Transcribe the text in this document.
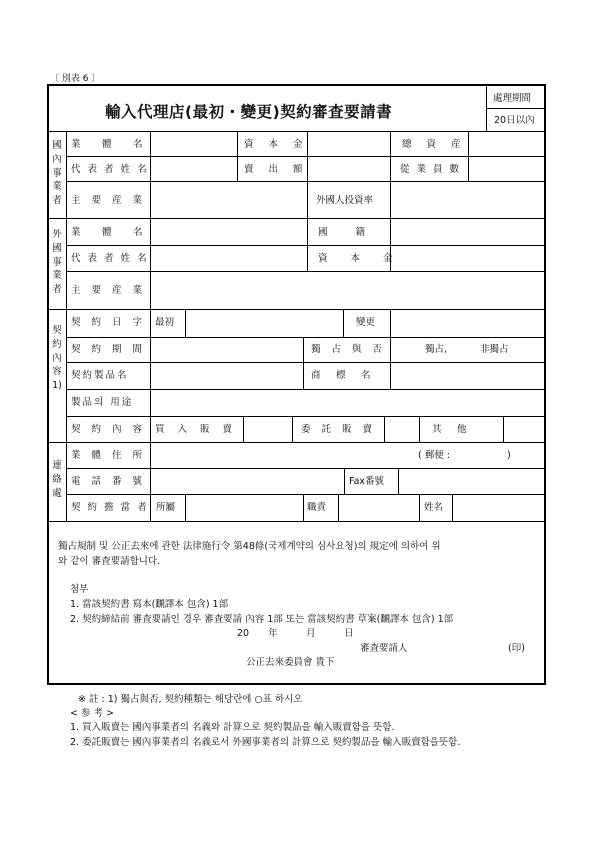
〔 別表 6 〕
輸入代理店(最初・變更)契約審査要請書
處理期間
20日以內
國
內
事
業
者
外
國
事
業
者
契
約
內
容
1)
連
絡
處
業　體　名	資 本 金	總 資 産
代 表 者 姓 名	賣 出 額	從 業 員 數
主 要 産 業	外國人投資率
業　體　名	國　　籍
代 表 者 姓 名	資 本 金
主 要 産 業
契 約 日 字 最初	變更
契 約 期 間	獨 占 與 否	獨占,	非獨占
契約製品名	商　標　名
製品의 用途
契 約 內 容 買 入 販 賣	委 託 販 賣	其　他
業 體 住 所	( 郵便 :　　　　　　)
電 話 番 號	Fax番號
契 約 擔 當 者 所屬	職責	姓名
獨占規制 및 公正去來에 관한 法律施行令 第48條(국제계약의 심사요청)의 規定에 의하여 위
와 같이 審査要請합니다.
첨부
1. 當該契約書 寫本(飜譯本 包含) 1部
2. 契約締結前 審査要請인 경우 審査要請 內容 1部 또는 當該契約書 草案(飜譯本 包含) 1部
20　　年　　　月　　　日
審査要請人	(印)
公正去來委員會 貴下
※ 註 : 1) 獨占與否, 契約種類는 해당란에 ○표 하시오
< 参 考 >
1. 買入販賣는 國內事業者의 名義와 計算으로 契約製品을 輸入販賣함을 뜻함.
2. 委託販賣는 國內事業者의 名義로서 外國事業者의 計算으로 契約製品을 輸入販賣함을뜻함.
